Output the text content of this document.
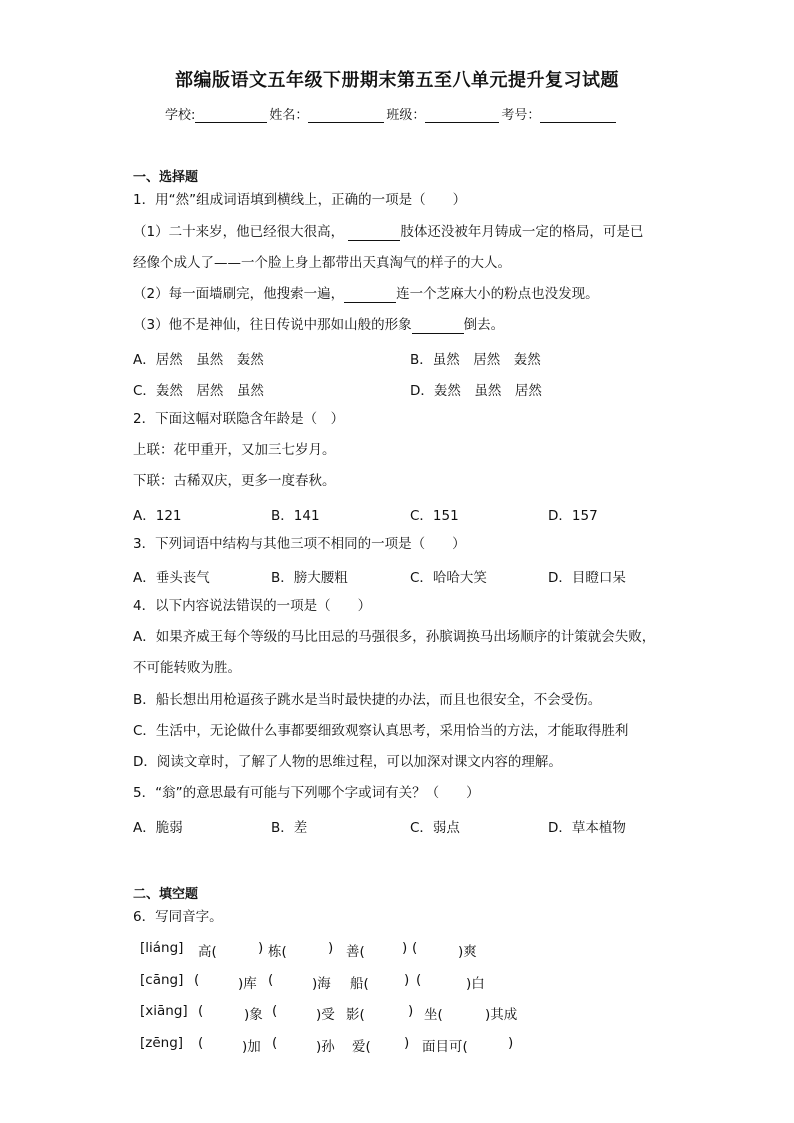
部编版语文五年级下册期末第五至八单元提升复习试题
学校:	姓名：	班级：	考号：
一、选择题
1．用“然”组成词语填到横线上，正确的一项是（　　）
（1）二十来岁，他已经很大很高，	肢体还没被年月铸成一定的格局，可是已
经像个成人了——一个脸上身上都带出天真淘气的样子的大人。
（2）每一面墙刷完，他搜索一遍，	连一个芝麻大小的粉点也没发现。
（3）他不是神仙，往日传说中那如山般的形象	倒去。
A．居然　虽然　轰然	B．虽然　居然　轰然
C．轰然　居然　虽然	D．轰然　虽然　居然
2．下面这幅对联隐含年龄是（　）
上联：花甲重开，又加三七岁月。
下联：古稀双庆，更多一度春秋。
A．121	B．141	C．151	D．157
3．下列词语中结构与其他三项不相同的一项是（　　）
A．垂头丧气	B．膀大腰粗	C．哈哈大笑	D．目瞪口呆
4．以下内容说法错误的一项是（　　）
A．如果齐威王每个等级的马比田忌的马强很多，孙膑调换马出场顺序的计策就会失败，
不可能转败为胜。
B．船长想出用枪逼孩子跳水是当时最快捷的办法，而且也很安全，不会受伤。
C．生活中，无论做什么事都要细致观察认真思考，采用恰当的方法，才能取得胜利
D．阅读文章时，了解了人物的思维过程，可以加深对课文内容的理解。
5．“翁”的意思最有可能与下列哪个字或词有关？（　　）
A．脆弱	B．差	C．弱点	D．草本植物
二、填空题
6．写同音字。
[liáng] 高(	) 栋(	) 善(	) (	)爽
[cāng] (	)库 (	)海 船(	) (	)白
[xiāng] (	)象 (	)受 影(	) 坐(	)其成
[zēng] (	)加 (	)孙 爱( ) 面目可(	)
